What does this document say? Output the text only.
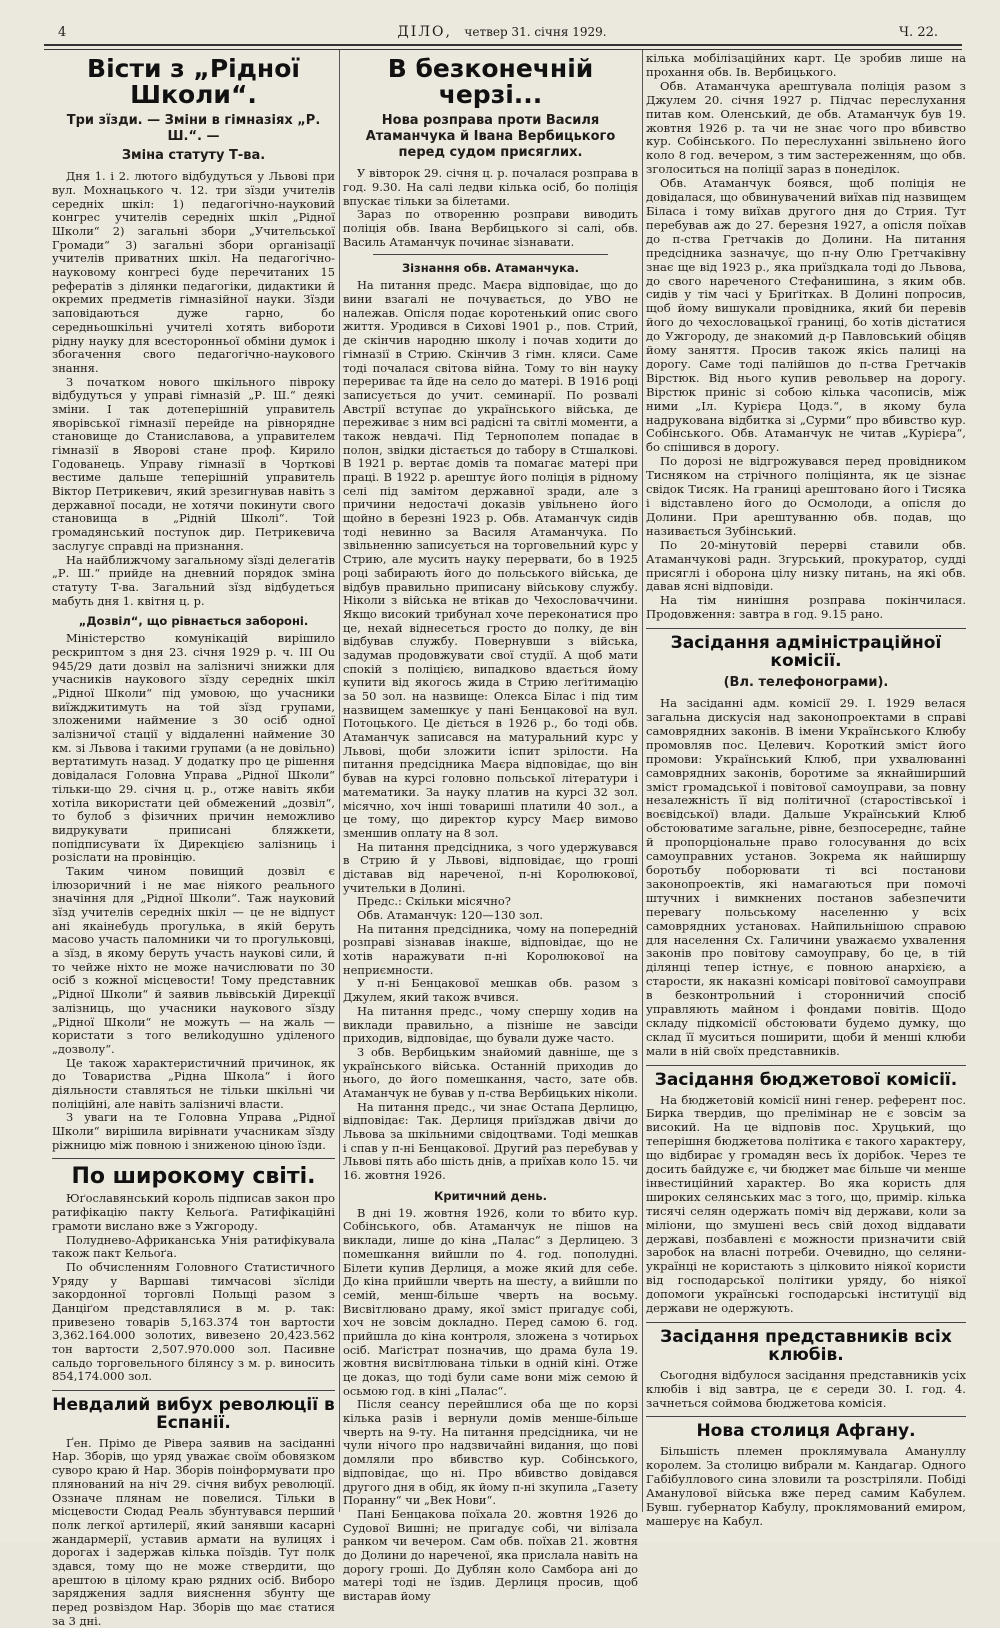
4	ДІЛО, четвер 31. січня 1929.	Ч. 22.
Вісти з „Рідної Школи“.
Три зїзди. — Зміни в гімназіях „Р. Ш.“. —
Зміна статуту Т-ва.

Дня 1. і 2. лютого відбудуться у Львові при вул. Мохнацького ч. 12. три зїзди учителів середніх шкіл: 1) педагогічно-науковий конгрес учителів середніх шкіл „Рідної Школи“ 2) загальні збори „Учительської Громади“ 3) загальні збори організації учителів приватних шкіл. На педагогічно-науковому конгресі буде перечитаних 15 рефератів з ділянки педагогіки, дидактики й окремих предметів гімназійної науки. Зїзди заповідаються дуже гарно, бо середньошкільні учителі хотять вибороти рідну науку для всесторонньої обміни думок і збогачення свого педагогічно-наукового знання.

З початком нового шкільного півроку відбудуться у управі гімназій „Р. Ш.“ деякі зміни. І так дотеперішній управитель яворівської гімназії перейде на рівнорядне становище до Станиславова, а управителем гімназії в Яворові стане проф. Кирило Годованець. Управу гімназії в Чорткові вестиме дальше теперішній управитель Віктор Петрикевич, який зрезигнував навіть з державної посади, не хотячи покинути свого становища в „Рідній Школі“. Той громадянський поступок дир. Петрикевича заслугує справді на признання.

На найближчому загальному зїзді делегатів „Р. Ш.“ прийде на дневний порядок зміна статуту Т-ва. Загальний зїзд відбудеться мабуть дня 1. квітня ц. р.

„Дозвіл“, що рівнається забороні.

Міністерство комунікацій вирішило рескриптом з дня 23. січня 1929 р. ч. III Ou 945/29 дати дозвіл на залізничі знижки для учасників наукового зїзду середніх шкіл „Рідної Школи“ під умовою, що учасники виїжджитимуть на той зїзд групами, зложеними наймение з 30 осіб одної залізничої стації у віддаленні наймение 30 км. зі Львова і такими групами (а не довільно) вертатимуть назад. У додатку про це рішення довідалася Головна Управа „Рідної Школи“ тільки-що 29. січня ц. р., отже навіть якби хотіла використати цей обмежений „дозвіл“, то булоб з фізичних причин неможливо видрукувати приписані бляжкети, попідписувати їх Дирекцією залізниць і розіслати на провінцію.

Таким чином повищий дозвіл є ілюзоричний і не має ніякого реального значіння для „Рідної Школи“. Таж науковий зїзд учителів середніх шкіл — це не відпуст ані якаiнебудь прогулька, в якій беруть масово участь паломники чи то прогульковці, а зїзд, в якому беруть участь наукові сили, й то чейже ніхто не може начислювати по 30 осіб з кожної місцевости! Тому представник „Рідної Школи“ й заявив львівській Дирекції залізниць, що учасники наукового зїзду „Рідної Школи“ не можуть — на жаль — користати з того велиkодушно уділеного „дозволу“.

Це також характеристичний причинок, як до Товариства „Рідна Школа“ і його діяльности ставляться не тільки шкільні чи поліційні, але навіть залізничі власти.

З уваги на те Головна Управа „Рідної Школи“ вирішила вирівнати учасникам зїзду ріжницю між повною і зниженою ціною їзди.

По широкому світі.

Юґославянський король підписав закон про ратифікацію пакту Кельоґа. Ратифікаційні грамоти вислано вже з Ужгороду.

Полудневo-Африканська Унія ратифікувала також пакт Кельоґа.

По обчисленням Головного Статистичного Уряду у Варшаві тимчасові зїсліди закордонної торговлі Польщі разом з Данціґом представлялися в м. р. так: привезено товарів 5,163.374 тон вартости 3,362.164.000 золотих, вивезено 20,423.562 тон вартости 2,507.970.000 зол. Пасивне сальдо торговельного білянсу з м. р. виносить 854,174.000 зол.

Невдалий вибух революції в Еспанії.

Ґен. Прімо де Рівера заявив на засіданні Нар. Зборів, що уряд уважає своїм обовязком суворо краю й Нар. Зборів поінформувати про плянований на ніч 29. січня вибух революції. Оззначе плянам не повелися. Тільки в місцевости Сюдад Реаль збунтувався перший полк легкої артилерії, який занявши касарні жандармерії, уставив армати на вулицях і дорогах і задержав кілька поїздів. Тут полк здався, тому що не може ствердити, що арештою в цілому краю рядних осіб. Виборо заряджения задля вияснення збунту ще перед розвіздом Нар. Зборів що має статися за 3 дні.

В безконечній черзі...
Нова розправа проти Василя Атаманчука й Івана Вербицького перед судом присяглих.

У вівторок 29. січня ц. р. почалася розправа в год. 9.30. На салі ледви кілька осіб, бо поліція впускає тільки за білетами.

Зараз по отворенню розправи виводить поліція обв. Івана Вербицького зі салі, обв. Василь Атаманчук починає зізнавати.

Зізнання обв. Атаманчука.

На питання предс. Маєра відповідає, що до вини взагалі не почувається, до УВО не належав. Опісля подає коротенький опис свого життя. Уродився в Сихові 1901 р., пов. Стрий, де скінчив народню школу і почав ходити до гімназії в Стрию. Скінчив 3 гімн. кляси. Саме тоді почалася світова війна. Тому то він науку перериває та йде на село до матері. В 1916 році записується до учит. семинарії. По розвалі Австрії вступає до українського війська, де переживає з ним всі радісні та світлі моменти, а також невдачі. Під Тернополем попадає в полон, звідки дістається до табору в Стшалкові. В 1921 р. вертає домів та помагає матері при праці. В 1922 р. арештує його поліція в рідному селі під замітом державної зради, але з причини недостачі доказів увільнено його щойно в березні 1923 р. Обв. Атаманчук сидів тоді невинно за Василя Атаманчука. По звільненню записується на торговельний курс у Стрию, але мусить науку перервати, бо в 1925 році забирають його до польського війська, де відбув правильно приписану військову службу. Ніколи з війська не втікав до Чехословаччини. Якщо високий трибунал хоче переконатися про це, нехай віднесеться гросто до полку, де він відбував службу. Повернувши з війська, задумав продовжувати свої студії. А щоб мати спокій з поліцією, випадково вдається йому купити від якогось жида в Стрию леґітимацію за 50 зол. на назвище: Олекса Білас і під тим назвищем замешкує у пані Бенцакової на вул. Потоцького. Це діється в 1926 р., бо тоді обв. Атаманчук записався на матуральний курс у Львові, щоби зложити іспит зрілости. На питання предсідника Маєра відповідає, що він бував на курсі головно польської літератури і математики. За науку платив на курсі 32 зол. місячно, хоч інші товариші платили 40 зол., а це тому, що директор курсу Маєр вимово зменшив оплату на 8 зол.

На питання предсідника, з чого удержувався в Стрию й у Львові, відповідає, що гроші діставав від нареченої, п-ні Королюкової, учительки в Долині.

Предс.: Скільки місячно?

Обв. Атаманчук: 120—130 зол.

На питання предсідника, чому на попередній розправі зізнавав інакше, відповідає, що не хотів наражувати п-ні Королюкової на неприємности.

У п-ні Бенцакової мешкав обв. разом з Джулем, який також вчився.

На питання предс., чому спершу ходив на виклади правильно, а пізніше не завсіди приходив, відповідає, що бували дуже часто.

З обв. Вербицьким знайомий давніше, ще з українського війська. Останній приходив до нього, до його помешкання, часто, зате обв. Атаманчук не бував у п-ства Вербицьких ніколи.

На питання предс., чи знає Остапа Дерлицю, відповідає: Так. Дерлиця приїзджав двічи до Львова за шкільними свідоцтвами. Тоді мешкав і спав у п-ні Бенцакової. Другий раз перебував у Львові пять або шість днів, а приїхав коло 15. чи 16. жовтня 1926.

Критичний день.

В дні 19. жовтня 1926, коли то вбито кур. Собінського, обв. Атаманчук не пішов на виклади, лише до кіна „Палас“ з Дерлицею. З помешкання вийшли по 4. год. пополудні. Білети купив Дерлиця, а може який для себе. До кіна прийшли чверть на шесту, а вийшли по семій, менш-більше чверть на восьму. Висвітлювано драму, якої зміст пригадує собі, хоч не зовсім докладно. Перед самою 6. год. прийшла до кіна контроля, зложена з чотирьох осіб. Маґістрат позначив, що драма була 19. жовтня висвітлювана тільки в одній кіні. Отже це доказ, що тоді були саме вони між семою й осьмою год. в кіні „Палас“.

Після сеансу перейшлися оба ще по корзі кілька разів і вернули домів менше-більше чверть на 9-ту. На питання предсідника, чи не чули нічого про надзвичайні видання, що пові домляли про вбивство кур. Собінського, відповідає, що ні. Про вбивство довідався другого дня в обід, як йому п-ні зкупила „Газету Поранну“ чи „Век Нови“.

Пані Бенцакова поїхала 20. жовтня 1926 до Судової Вишні; не пригадує собі, чи вілізала ранком чи вечером. Сам обв. поїхав 21. жовтня до Долини до нареченої, яка прислала навіть на дорогу гроші. До Дублян коло Самбора ані до матері тоді не їздив. Дерлиця просив, щоб вистарав йому

кілька мобілізаційних карт. Це зробив лише на прохання обв. Ів. Вербицького.

Обв. Атаманчука арештувала поліція разом з Джулем 20. січня 1927 р. Підчас переслухання питав ком. Оленський, де обв. Атаманчук був 19. жовтня 1926 р. та чи не знає чого про вбивство кур. Собінського. По переслуханні звільнено його коло 8 год. вечером, з тим застереженням, що обв. зголоситься на поліції зараз в понеділок.

Обв. Атаманчук боявся, щоб поліція не довідалася, що обвинувачений виїхав під назвищем Біласа і тому виїхав другого дня до Стрия. Тут перебував аж до 27. березня 1927, а опісля поїхав до п-ства Гретчаків до Долини. На питання предсідника зазначує, що п-ну Олю Гретчаківну знає ще від 1923 р., яка приїздкала тоді до Львова, до свого нареченого Стефанишина, з яким обв. сидів у тім часі у Бриґітках. В Долині попросив, щоб йому вишукали провідника, який би перевів його до чехословацької границі, бо хотів дістатися до Ужгороду, де знакомий д-р Павловський обіцяв йому заняття. Просив також якісь палиці на дорогу. Саме тоді палійшов до п-ства Гретчаків Вірстюк. Від нього купив револьвер на дорогу. Вірстюк приніс зі собою кілька часописів, між ними „Іл. Курієра Цодз.“, в якому була надрукована відбитка зі „Сурми“ про вбивство кур. Собінського. Обв. Атаманчук не читав „Курієра“, бо спішився в дорогу.

По дорозі не відгрожувався перед провідником Тисняком на стрічного поліціянта, як це зізнає свідок Тисяк. На границі арештовано його і Тисяка і відставлено його до Осмолоди, а опісля до Долини. При арештуванню обв. подав, що називається Зубінський.

По 20-мінутовій перерві ставили обв. Атаманчукові радн. Згурський, прокуратор, судді присяглі і оборона цілу низку питань, на які обв. давав ясні відповіди.

На тім нинішня розправа покінчилася. Продовження: завтра в год. 9.15 рано.

Засідання адміністраційної комісії.
(Вл. телефонограми).

На засіданні адм. комісії 29. І. 1929 велася загальна дискусія над законопроектами в справі самоврядних законів. В імени Українського Клюбу промовляв пос. Целевич. Короткий зміст його промови: Український Клюб, при ухвалюванні самоврядних законів, боротиме за якнайширший зміст громадської і повітової самоуправи, за повну незалежність її від політичної (старостівської і воєвідської) влади. Дальше Український Клюб обстоюватиме загальне, рівне, безпосереднє, тайне й пропорціональне право голосування до всіх самоуправних установ. Зокрема як найширшу боротьбу поборювати ті всі постанови законопроектів, які намагаються при помочі штучних і вимкнених постанов забезпечити перевагу польському населенню у всіх самоврядних установах. Найпильнішою справою для населення Сх. Галичини уважаємо ухвалення законів про повітову самоуправу, бо це, в тій ділянці тепер істнує, є повною анархією, а старости, як наказні комісарі повітової самоуправи в безконтрольний і сторонничий спосіб управляють майном і фондами повітів. Щодо складу підкомісії обстоювати будемо думку, що склад її муситься поширити, щоби й менші клюби мали в ній своїх представників.

Засідання бюджетової комісії.

На бюджетовій комісії нині генер. референт пос. Бирка твердив, що прелімінар не є зовсім за високий. На це відповів пос. Хруцький, що теперішня бюджетова політика є такого характеру, що відбирає у громадян весь їх дорібок. Через те досить байдуже є, чи бюджет має більше чи менше інвестиційний характер. Во яка користь для широких селянських мас з того, що, примір. кілька тисячі селян одержать поміч від держави, коли за міліони, що змушені весь свій доход віддавати державі, позбавлені є можности призначити свій заробок на власні потреби. Очевидно, що селяни-українці не користають з цілковито ніякої користи від господарської політики уряду, бо ніякої допомоги українські господарські інституції від держави не одержують.

Засідання представників всіх клюбів.

Сьогодня відбулося засідання представників усіх клюбів і від завтра, це є середи 30. І. год. 4. зачнеться соймова бюджетова комісія.

Нова столиця Афгану.

Більшість племен проклямувала Амануллу королем. За столицю вибрали м. Кандагар. Одного Габібуллового сина зловили та розстріляли. Побіді Аманулової війська вже перед самим Кабулем. Бувш. губернатор Кабулу, проклямований емиром, машерує на Кабул.
